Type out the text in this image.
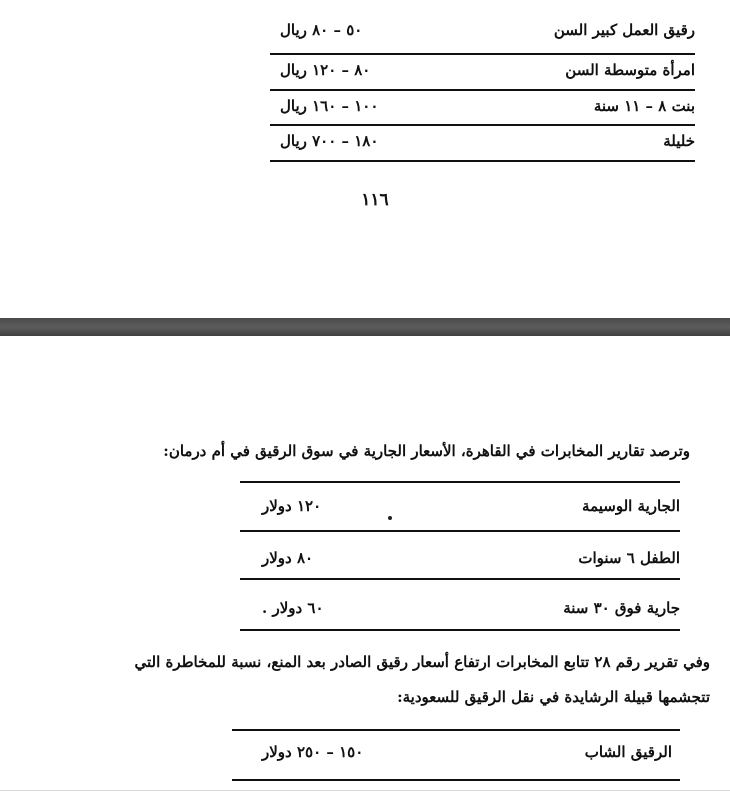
رقيق العمل كبير السن
٥٠ – ٨٠ ريال
امرأة متوسطة السن
٨٠ – ١٢٠ ريال
بنت ٨ – ١١ سنة
١٠٠ – ١٦٠ ريال
خليلة
١٨٠ – ٧٠٠ ريال
١١٦
وترصد تقارير المخابرات في القاهرة، الأسعار الجارية في سوق الرقيق في أم درمان:
الجارية الوسيمة
١٢٠ دولار
الطفل ٦ سنوات
٨٠ دولار
جارية فوق ٣٠ سنة
٦٠ دولار .
وفي تقرير رقم ٢٨ تتابع المخابرات ارتفاع أسعار رقيق الصادر بعد المنع، نسبة للمخاطرة التي
تتجشمها قبيلة الرشايدة في نقل الرقيق للسعودية:
الرقيق الشاب
١٥٠ – ٢٥٠ دولار
